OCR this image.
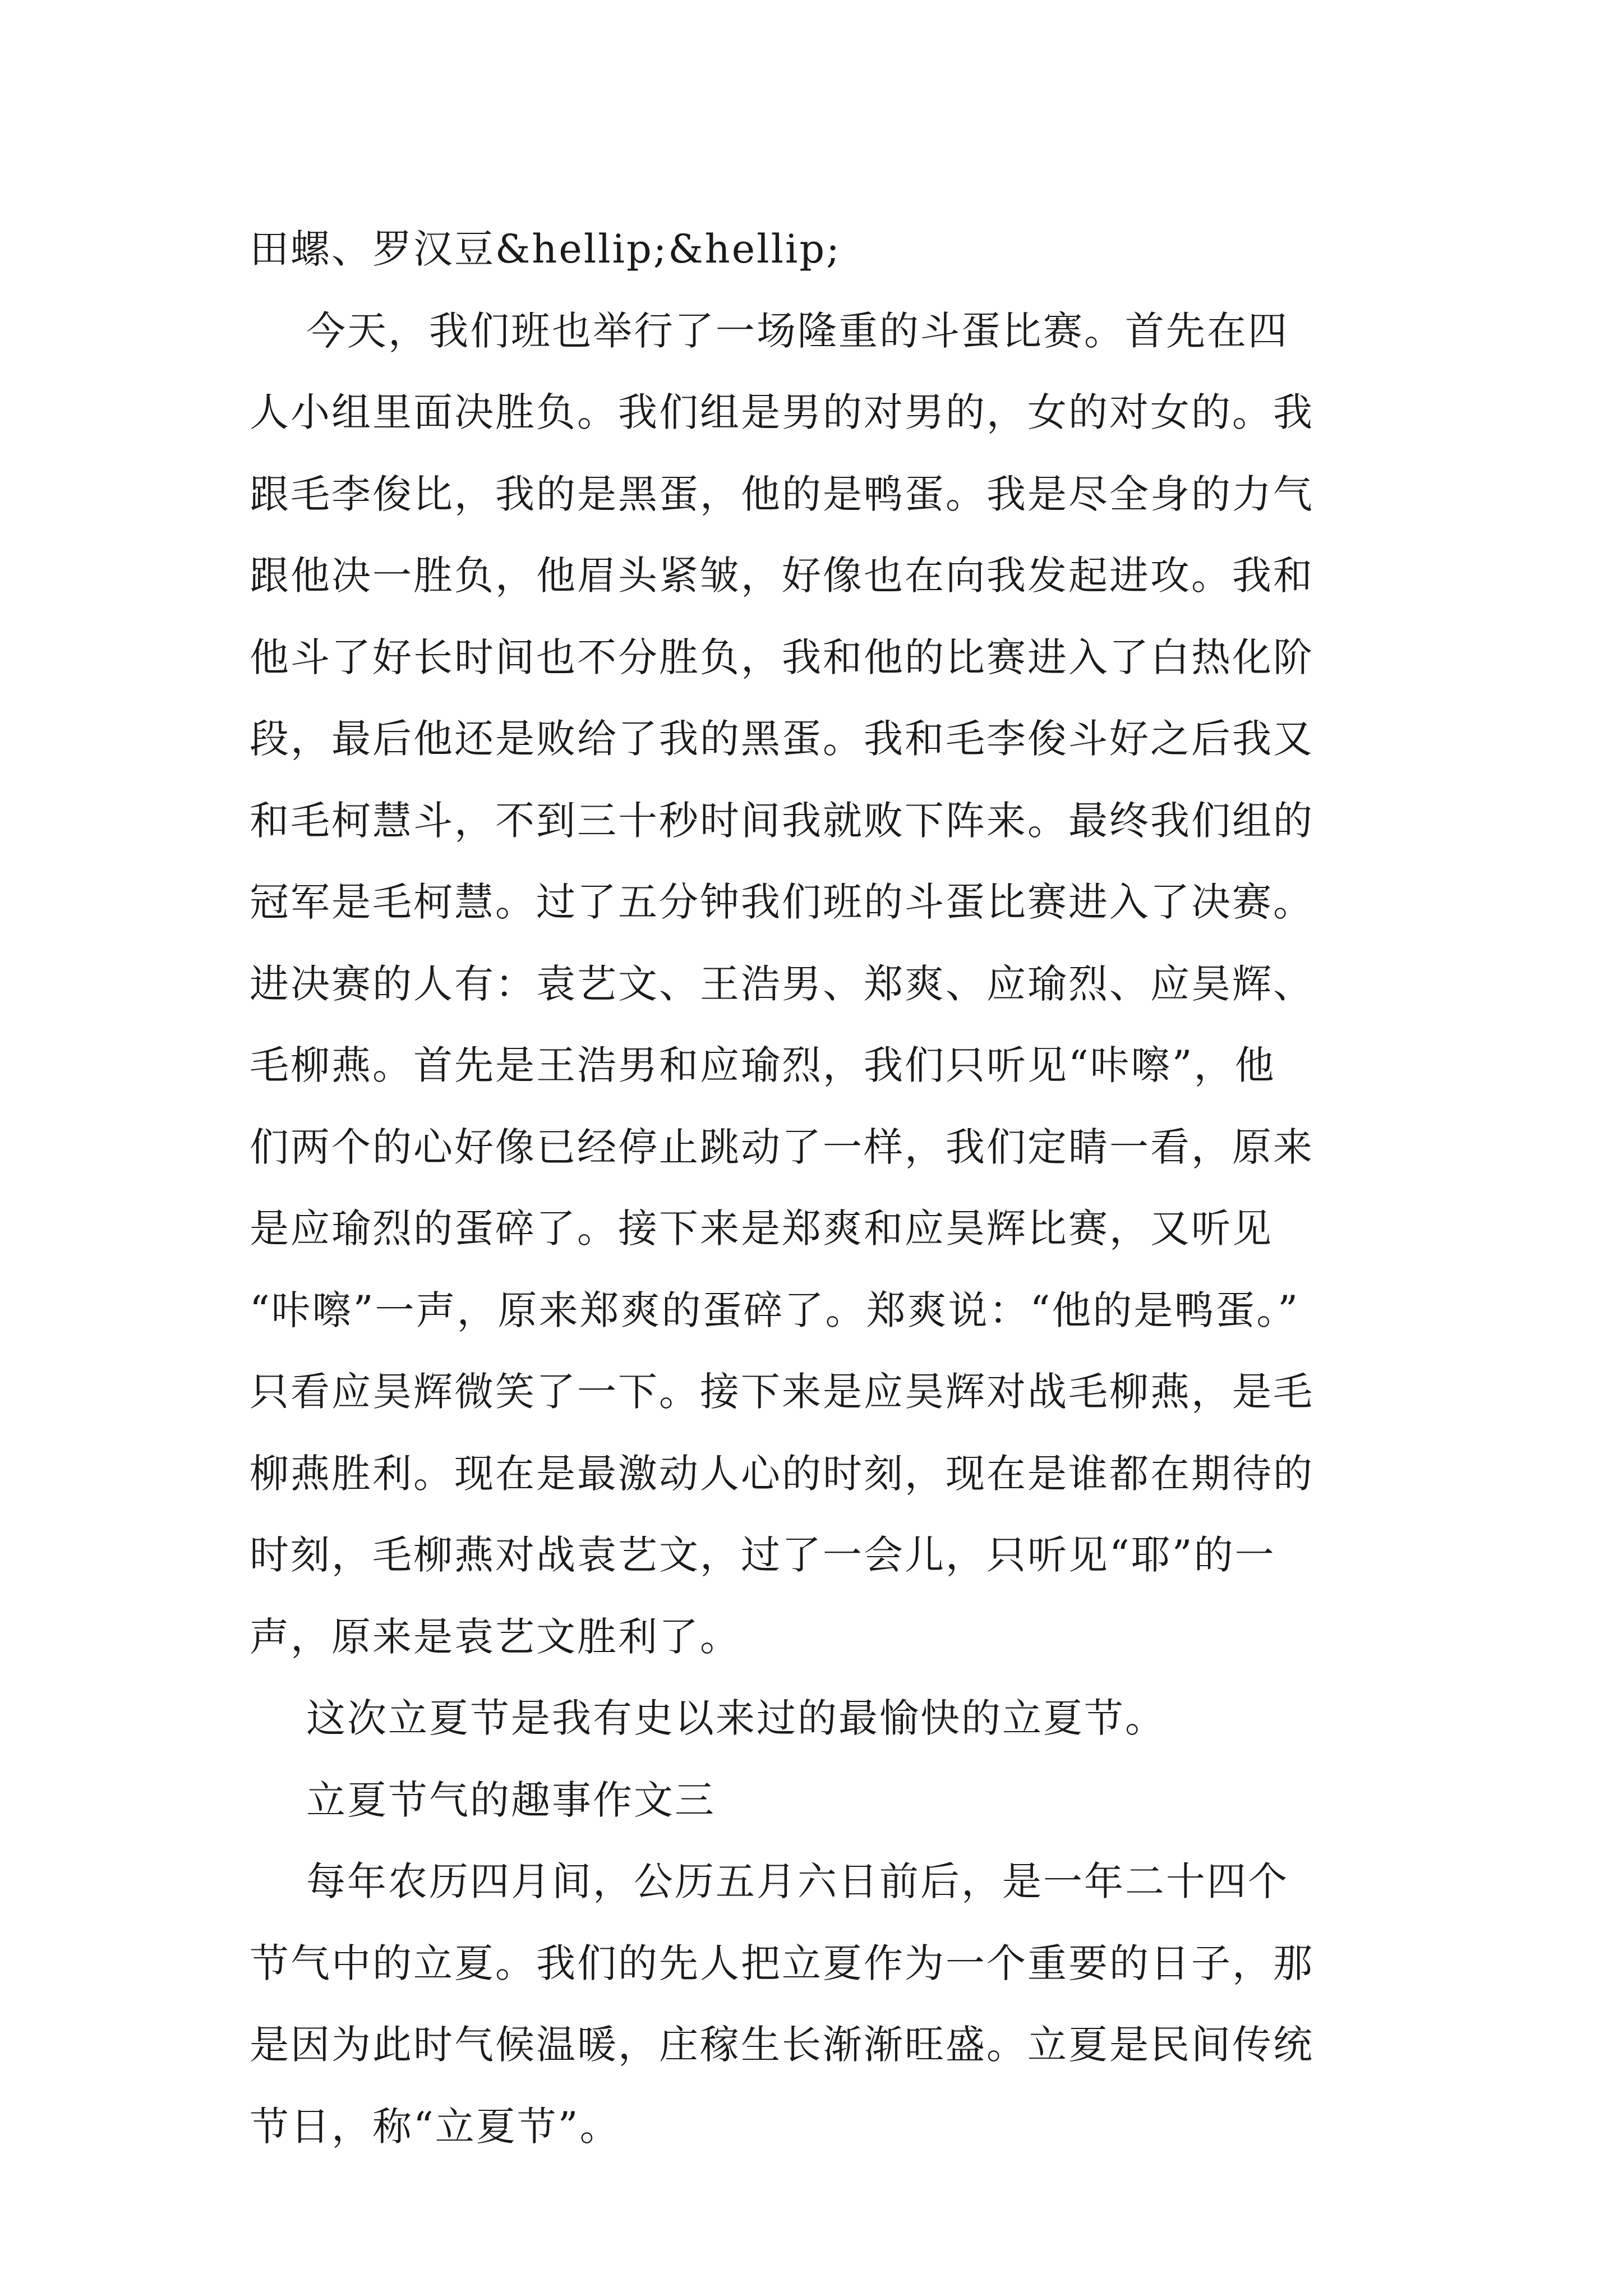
田螺、罗汉豆&hellip;&hellip;
今天，我们班也举行了一场隆重的斗蛋比赛。首先在四
人小组里面决胜负。我们组是男的对男的，女的对女的。我
跟毛李俊比，我的是黑蛋，他的是鸭蛋。我是尽全身的力气
跟他决一胜负，他眉头紧皱，好像也在向我发起进攻。我和
他斗了好长时间也不分胜负，我和他的比赛进入了白热化阶
段，最后他还是败给了我的黑蛋。我和毛李俊斗好之后我又
和毛柯慧斗，不到三十秒时间我就败下阵来。最终我们组的
冠军是毛柯慧。过了五分钟我们班的斗蛋比赛进入了决赛。
进决赛的人有：袁艺文、王浩男、郑爽、应瑜烈、应昊辉、
毛柳燕。首先是王浩男和应瑜烈，我们只听见“咔嚓”，他
们两个的心好像已经停止跳动了一样，我们定睛一看，原来
是应瑜烈的蛋碎了。接下来是郑爽和应昊辉比赛，又听见
“咔嚓”一声，原来郑爽的蛋碎了。郑爽说：“他的是鸭蛋。”
只看应昊辉微笑了一下。接下来是应昊辉对战毛柳燕，是毛
柳燕胜利。现在是最激动人心的时刻，现在是谁都在期待的
时刻，毛柳燕对战袁艺文，过了一会儿，只听见“耶”的一
声，原来是袁艺文胜利了。
这次立夏节是我有史以来过的最愉快的立夏节。
立夏节气的趣事作文三
每年农历四月间，公历五月六日前后，是一年二十四个
节气中的立夏。我们的先人把立夏作为一个重要的日子，那
是因为此时气候温暖，庄稼生长渐渐旺盛。立夏是民间传统
节日，称“立夏节”。
